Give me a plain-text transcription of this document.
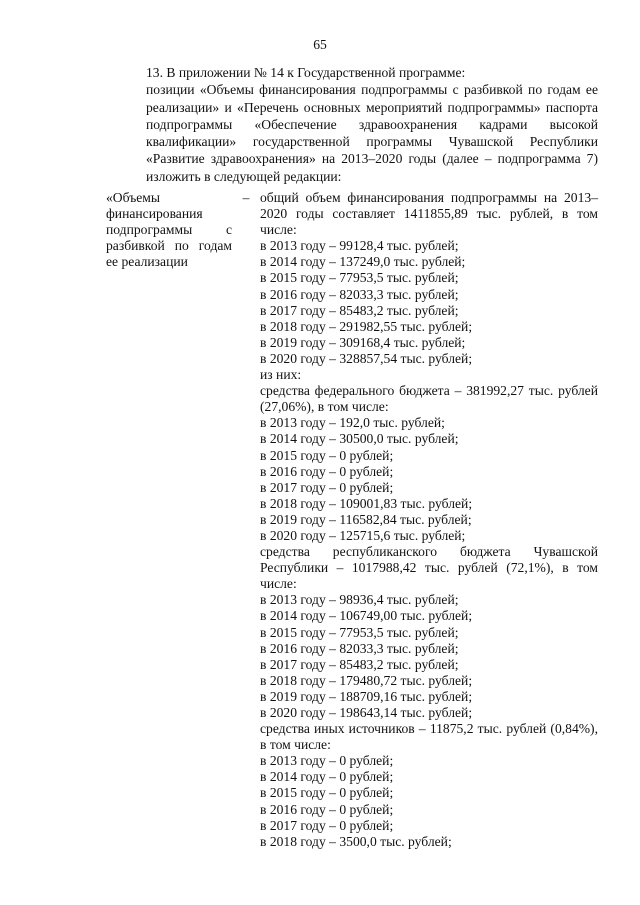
65

13. В приложении № 14 к Государственной программе:

позиции «Объемы финансирования подпрограммы с разбивкой по годам ее реализации» и «Перечень основных мероприятий подпрограммы» паспорта подпрограммы «Обеспечение здравоохранения кадрами высокой квалификации» государственной программы Чувашской Республики «Развитие здравоохранения» на 2013–2020 годы (далее – подпрограмма 7) изложить в следующей редакции:

«Объемы финансирования подпрограммы с разбивкой по годам ее реализации
– общий объем финансирования подпрограммы на 2013–2020 годы составляет 1411855,89 тыс. рублей, в том числе:
в 2013 году – 99128,4 тыс. рублей;
в 2014 году – 137249,0 тыс. рублей;
в 2015 году – 77953,5 тыс. рублей;
в 2016 году – 82033,3 тыс. рублей;
в 2017 году – 85483,2 тыс. рублей;
в 2018 году – 291982,55 тыс. рублей;
в 2019 году – 309168,4 тыс. рублей;
в 2020 году – 328857,54 тыс. рублей;
из них:
средства федерального бюджета – 381992,27 тыс. рублей (27,06%), в том числе:
в 2013 году – 192,0 тыс. рублей;
в 2014 году – 30500,0 тыс. рублей;
в 2015 году – 0 рублей;
в 2016 году – 0 рублей;
в 2017 году – 0 рублей;
в 2018 году – 109001,83 тыс. рублей;
в 2019 году – 116582,84 тыс. рублей;
в 2020 году – 125715,6 тыс. рублей;
средства республиканского бюджета Чувашской Республики – 1017988,42 тыс. рублей (72,1%), в том числе:
в 2013 году – 98936,4 тыс. рублей;
в 2014 году – 106749,00 тыс. рублей;
в 2015 году – 77953,5 тыс. рублей;
в 2016 году – 82033,3 тыс. рублей;
в 2017 году – 85483,2 тыс. рублей;
в 2018 году – 179480,72 тыс. рублей;
в 2019 году – 188709,16 тыс. рублей;
в 2020 году – 198643,14 тыс. рублей;
средства иных источников – 11875,2 тыс. рублей (0,84%), в том числе:
в 2013 году – 0 рублей;
в 2014 году – 0 рублей;
в 2015 году – 0 рублей;
в 2016 году – 0 рублей;
в 2017 году – 0 рублей;
в 2018 году – 3500,0 тыс. рублей;
